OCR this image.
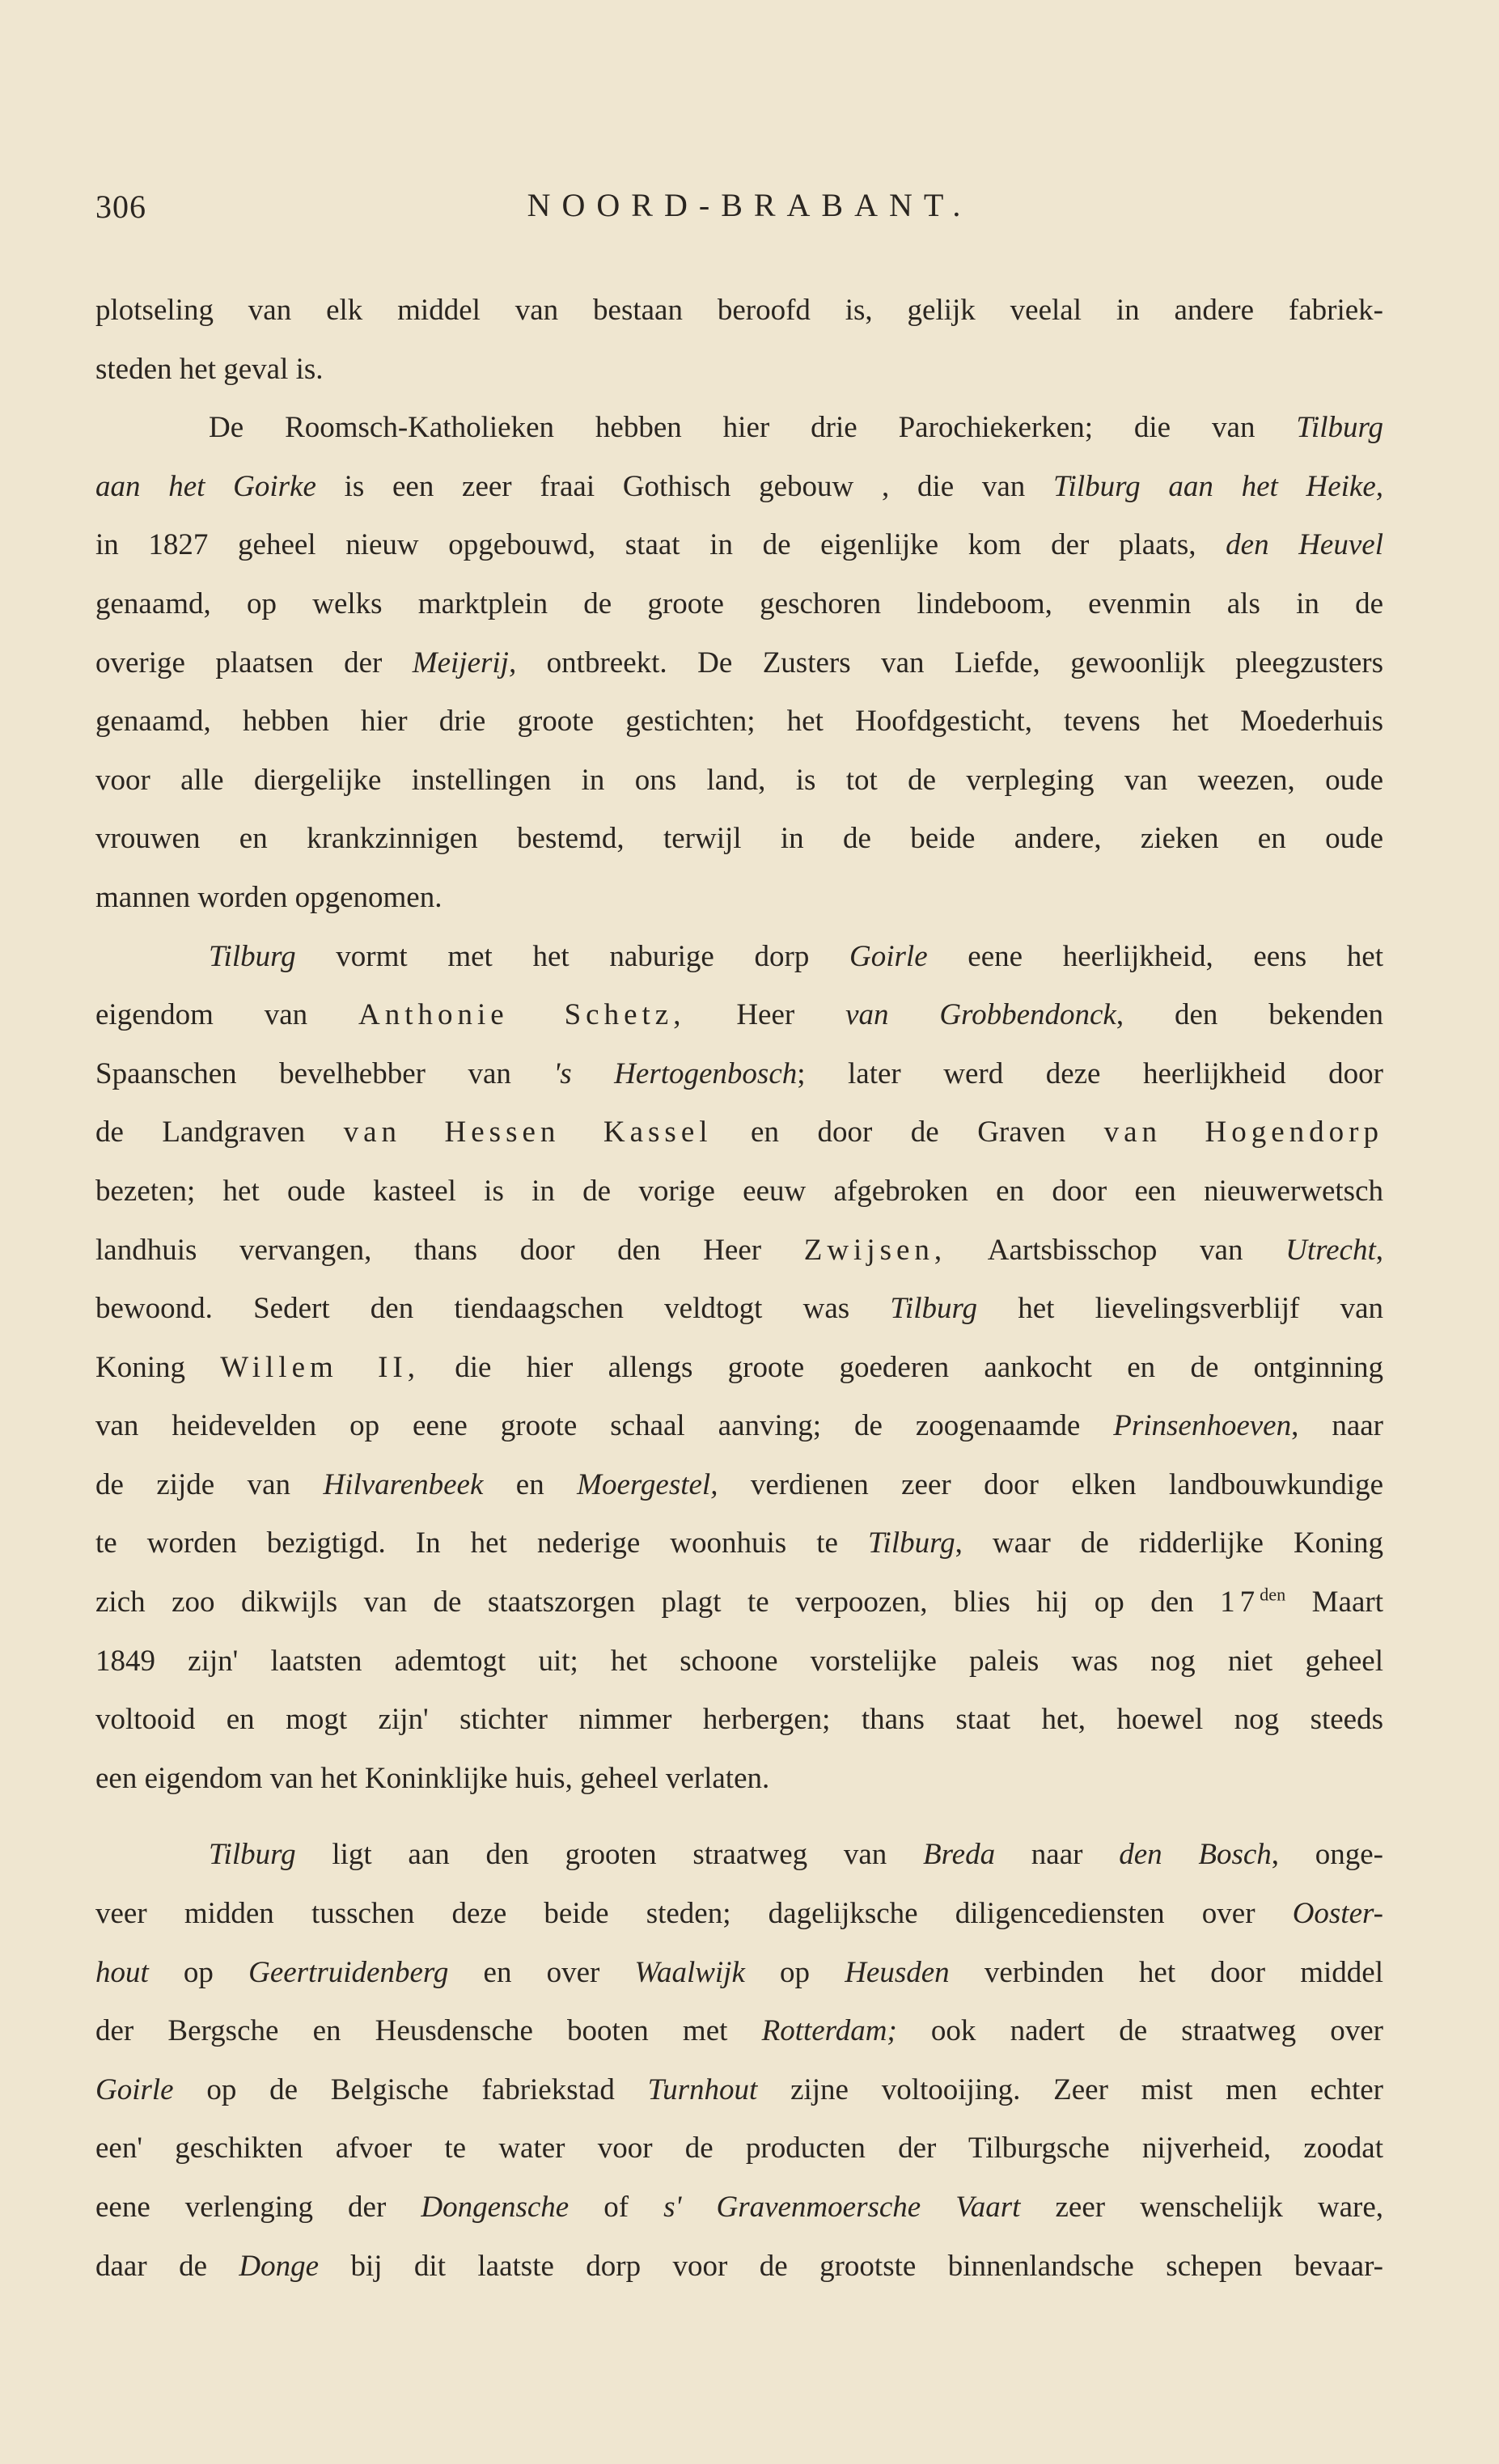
306	NOORD-BRABANT.
plotseling van elk middel van bestaan beroofd is, gelijk veelal in andere fabriek-
steden het geval is.
De Roomsch-Katholieken hebben hier drie Parochiekerken; die van Tilburg
aan het Goirke is een zeer fraai Gothisch gebouw , die van Tilburg aan het Heike,
in 1827 geheel nieuw opgebouwd, staat in de eigenlijke kom der plaats, den Heuvel
genaamd, op welks marktplein de groote geschoren lindeboom, evenmin als in de
overige plaatsen der Meijerij, ontbreekt. De Zusters van Liefde, gewoonlijk pleegzusters
genaamd, hebben hier drie groote gestichten; het Hoofdgesticht, tevens het Moederhuis
voor alle diergelijke instellingen in ons land, is tot de verpleging van weezen, oude
vrouwen en krankzinnigen bestemd, terwijl in de beide andere, zieken en oude
mannen worden opgenomen.
Tilburg vormt met het naburige dorp Goirle eene heerlijkheid, eens het
eigendom van Anthonie Schetz, Heer van Grobbendonck, den bekenden
Spaanschen bevelhebber van 's Hertogenbosch; later werd deze heerlijkheid door
de Landgraven van Hessen Kassel en door de Graven van Hogendorp
bezeten; het oude kasteel is in de vorige eeuw afgebroken en door een nieuwerwetsch
landhuis vervangen, thans door den Heer Zwijsen, Aartsbisschop van Utrecht,
bewoond. Sedert den tiendaagschen veldtogt was Tilburg het lievelingsverblijf van
Koning Willem II, die hier allengs groote goederen aankocht en de ontginning
van heidevelden op eene groote schaal aanving; de zoogenaamde Prinsenhoeven, naar
de zijde van Hilvarenbeek en Moergestel, verdienen zeer door elken landbouwkundige
te worden bezigtigd. In het nederige woonhuis te Tilburg, waar de ridderlijke Koning
zich zoo dikwijls van de staatszorgen plagt te verpoozen, blies hij op den $17^{den}$ Maart
1849 zijn' laatsten ademtogt uit; het schoone vorstelijke paleis was nog niet geheel
voltooid en mogt zijn' stichter nimmer herbergen; thans staat het, hoewel nog steeds
een eigendom van het Koninklijke huis, geheel verlaten.
Tilburg ligt aan den grooten straatweg van Breda naar den Bosch, onge-
veer midden tusschen deze beide steden; dagelijksche diligencediensten over Ooster-
hout op Geertruidenberg en over Waalwijk op Heusden verbinden het door middel
der Bergsche en Heusdensche booten met Rotterdam; ook nadert de straatweg over
Goirle op de Belgische fabriekstad Turnhout zijne voltooijing. Zeer mist men echter
een' geschikten afvoer te water voor de producten der Tilburgsche nijverheid, zoodat
eene verlenging der Dongensche of s' Gravenmoersche Vaart zeer wenschelijk ware,
daar de Donge bij dit laatste dorp voor de grootste binnenlandsche schepen bevaar-
